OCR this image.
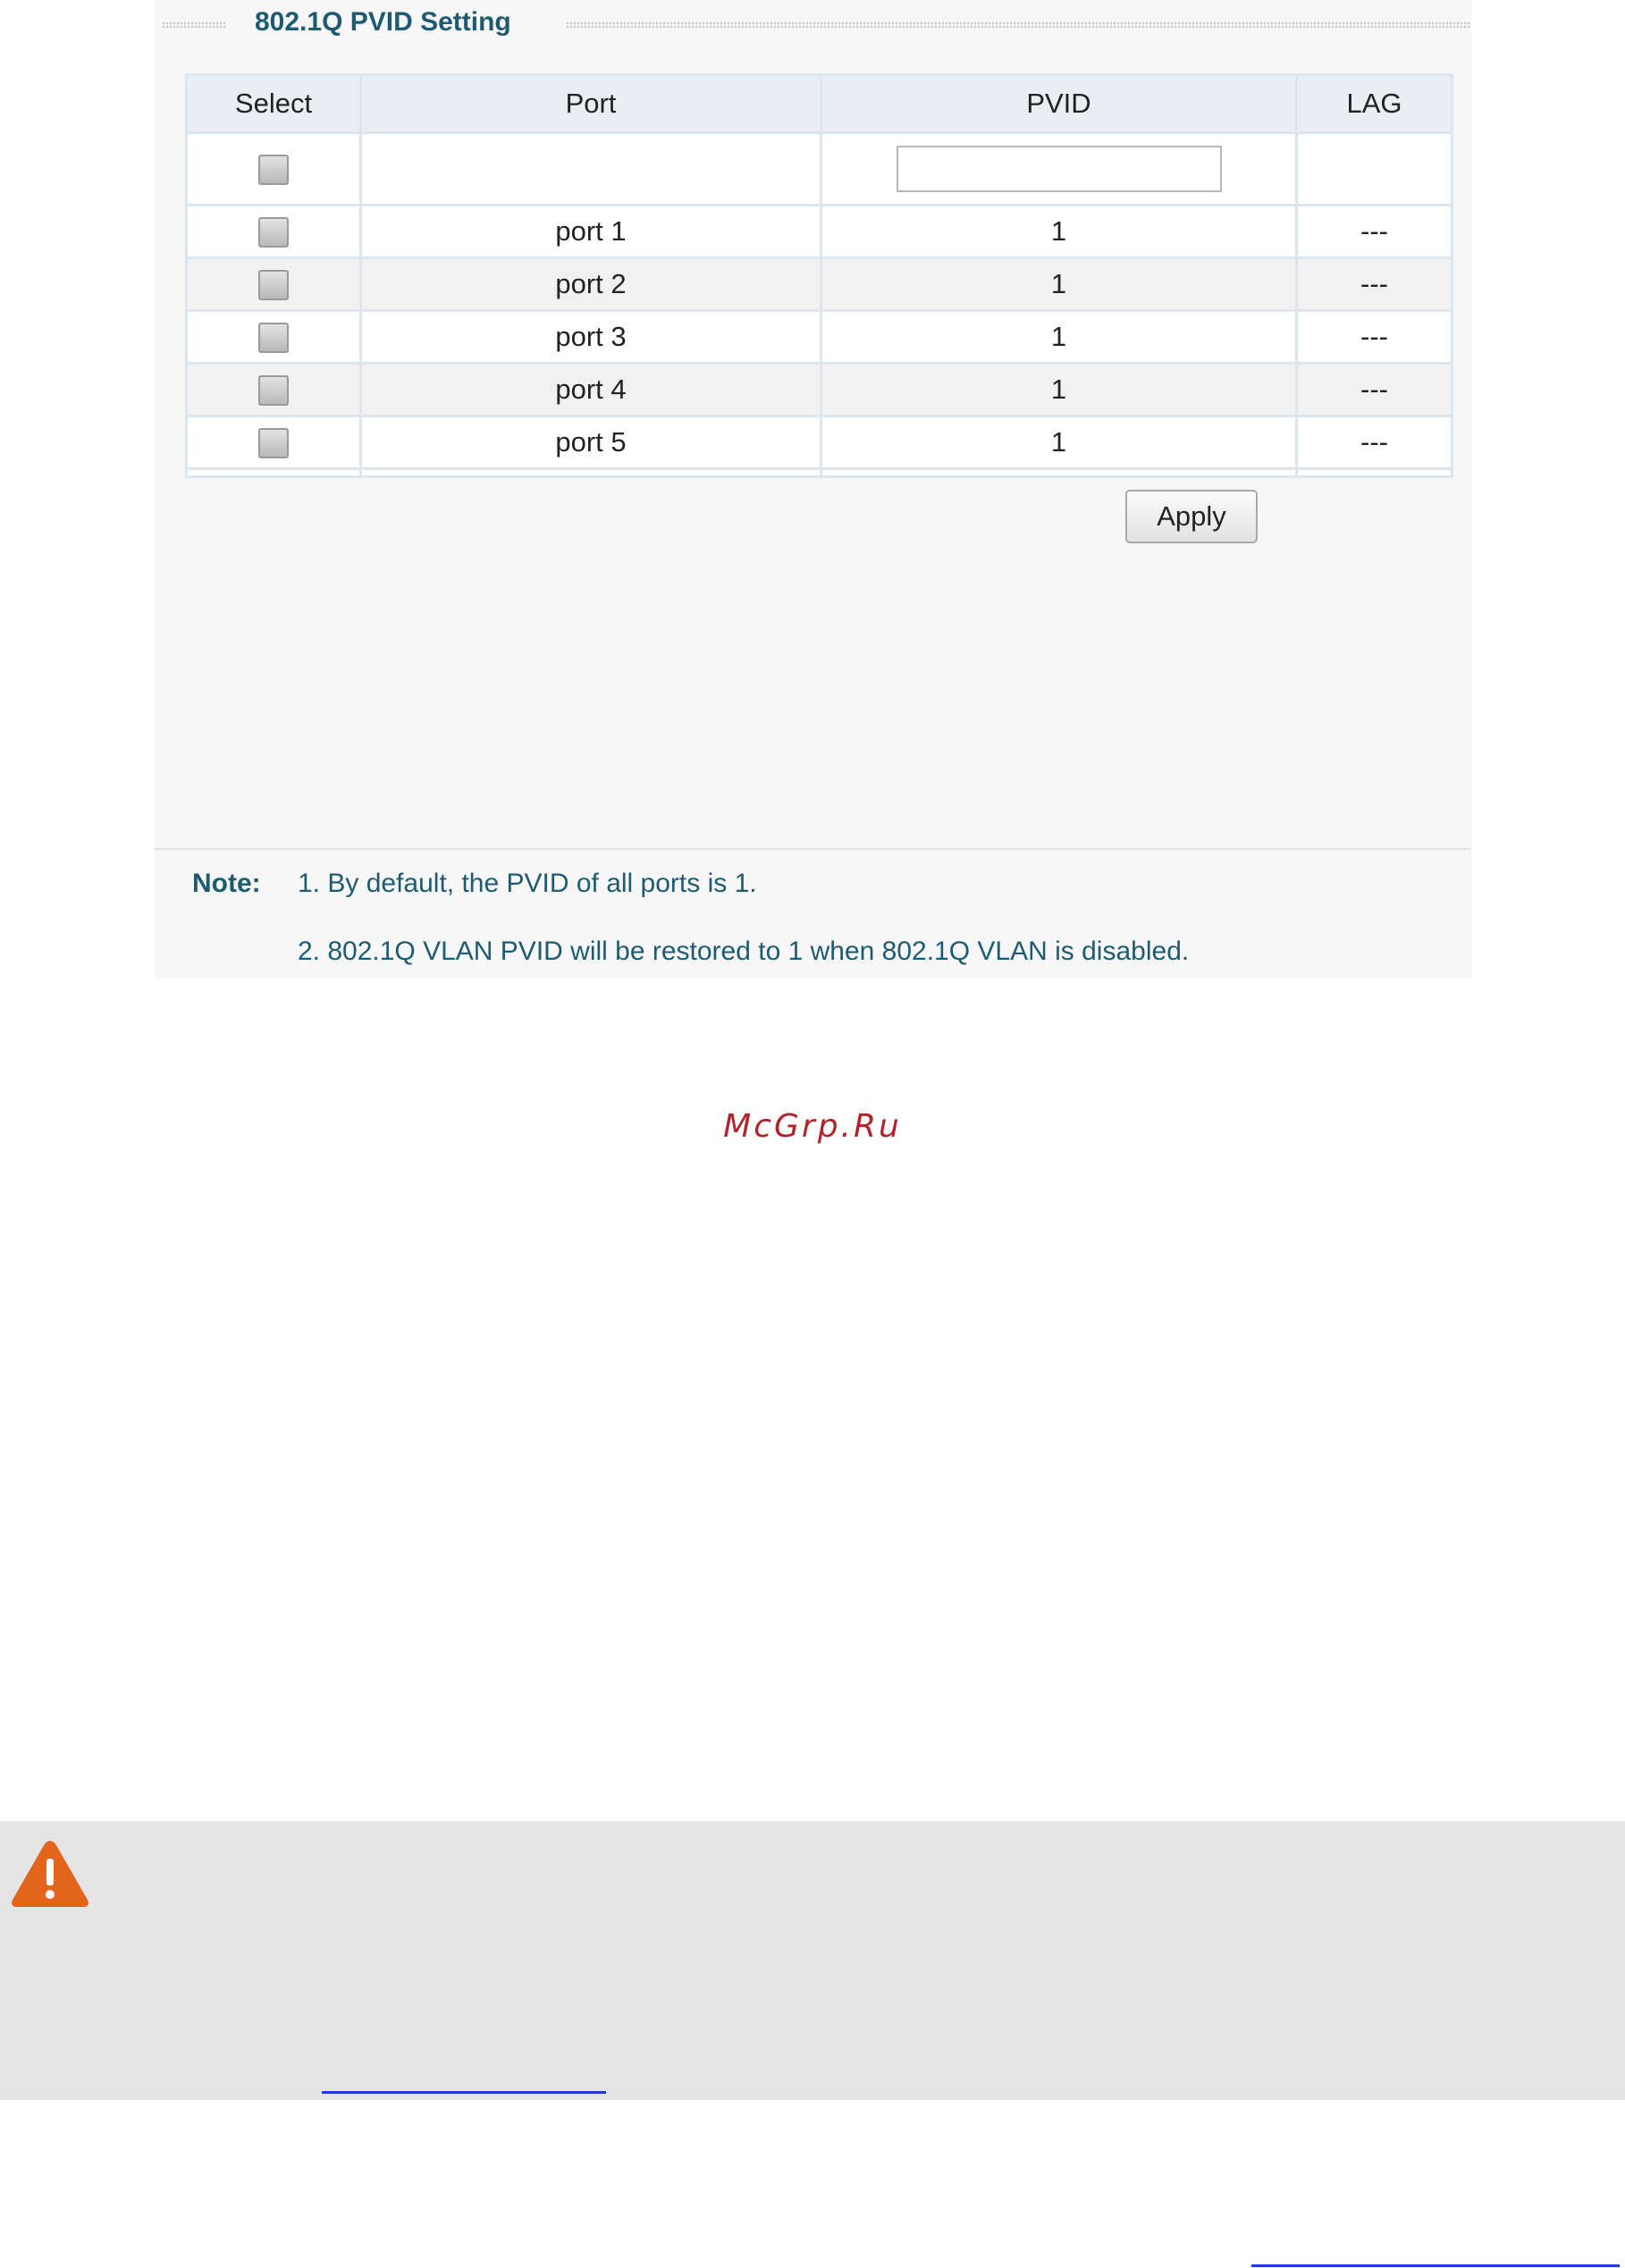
802.1Q PVID Setting
Select	Port	PVID	LAG

	port 1	1	---
	port 2	1	---
	port 3	1	---
	port 4	1	---
	port 5	1	---

Apply
Note: 1. By default, the PVID of all ports is 1.
2. 802.1Q VLAN PVID will be restored to 1 when 802.1Q VLAN is disabled.
McGrp.Ru
